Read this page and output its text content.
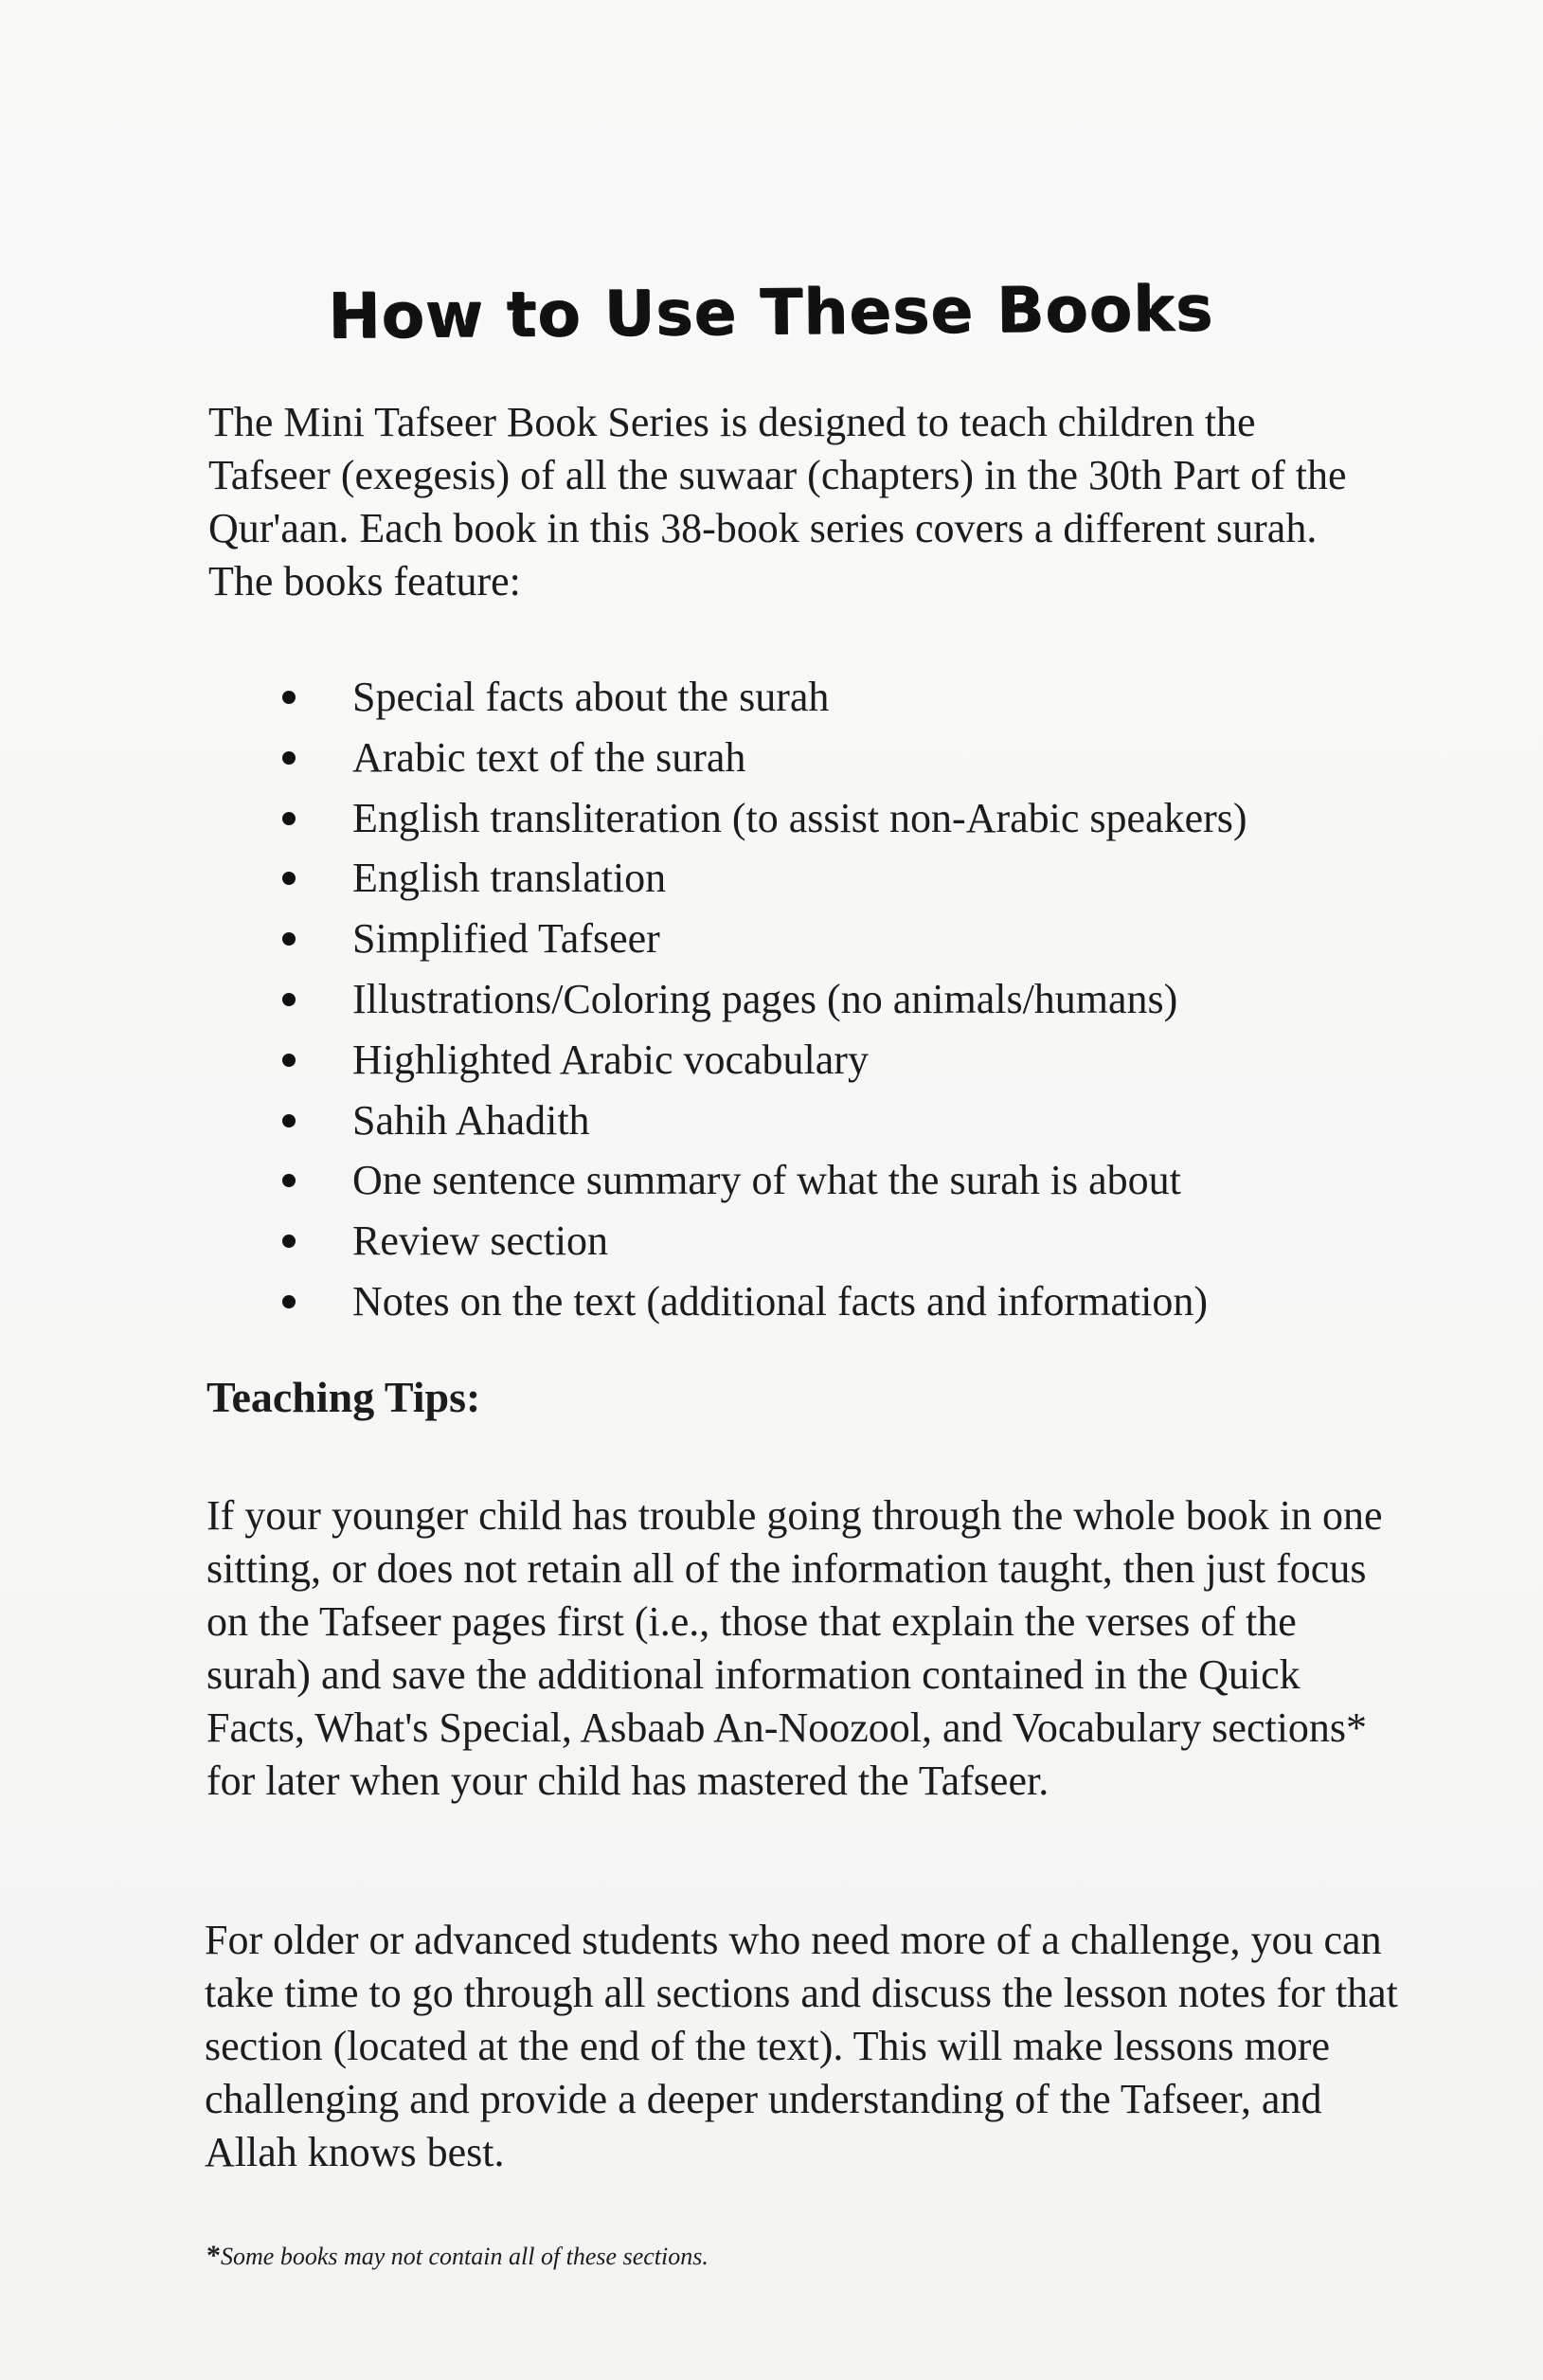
How to Use These Books

The Mini Tafseer Book Series is designed to teach children the Tafseer (exegesis) of all the suwaar (chapters) in the 30th Part of the Qur'aan. Each book in this 38-book series covers a different surah. The books feature:

Special facts about the surah
Arabic text of the surah
English transliteration (to assist non-Arabic speakers)
English translation
Simplified Tafseer
Illustrations/Coloring pages (no animals/humans)
Highlighted Arabic vocabulary
Sahih Ahadith
One sentence summary of what the surah is about
Review section
Notes on the text (additional facts and information)
Teaching Tips:

If your younger child has trouble going through the whole book in one sitting, or does not retain all of the information taught, then just focus on the Tafseer pages first (i.e., those that explain the verses of the surah) and save the additional information contained in the Quick Facts, What's Special, Asbaab An-Noozool, and Vocabulary sections* for later when your child has mastered the Tafseer.

For older or advanced students who need more of a challenge, you can take time to go through all sections and discuss the lesson notes for that section (located at the end of the text). This will make lessons more challenging and provide a deeper understanding of the Tafseer, and Allah knows best.

*Some books may not contain all of these sections.
